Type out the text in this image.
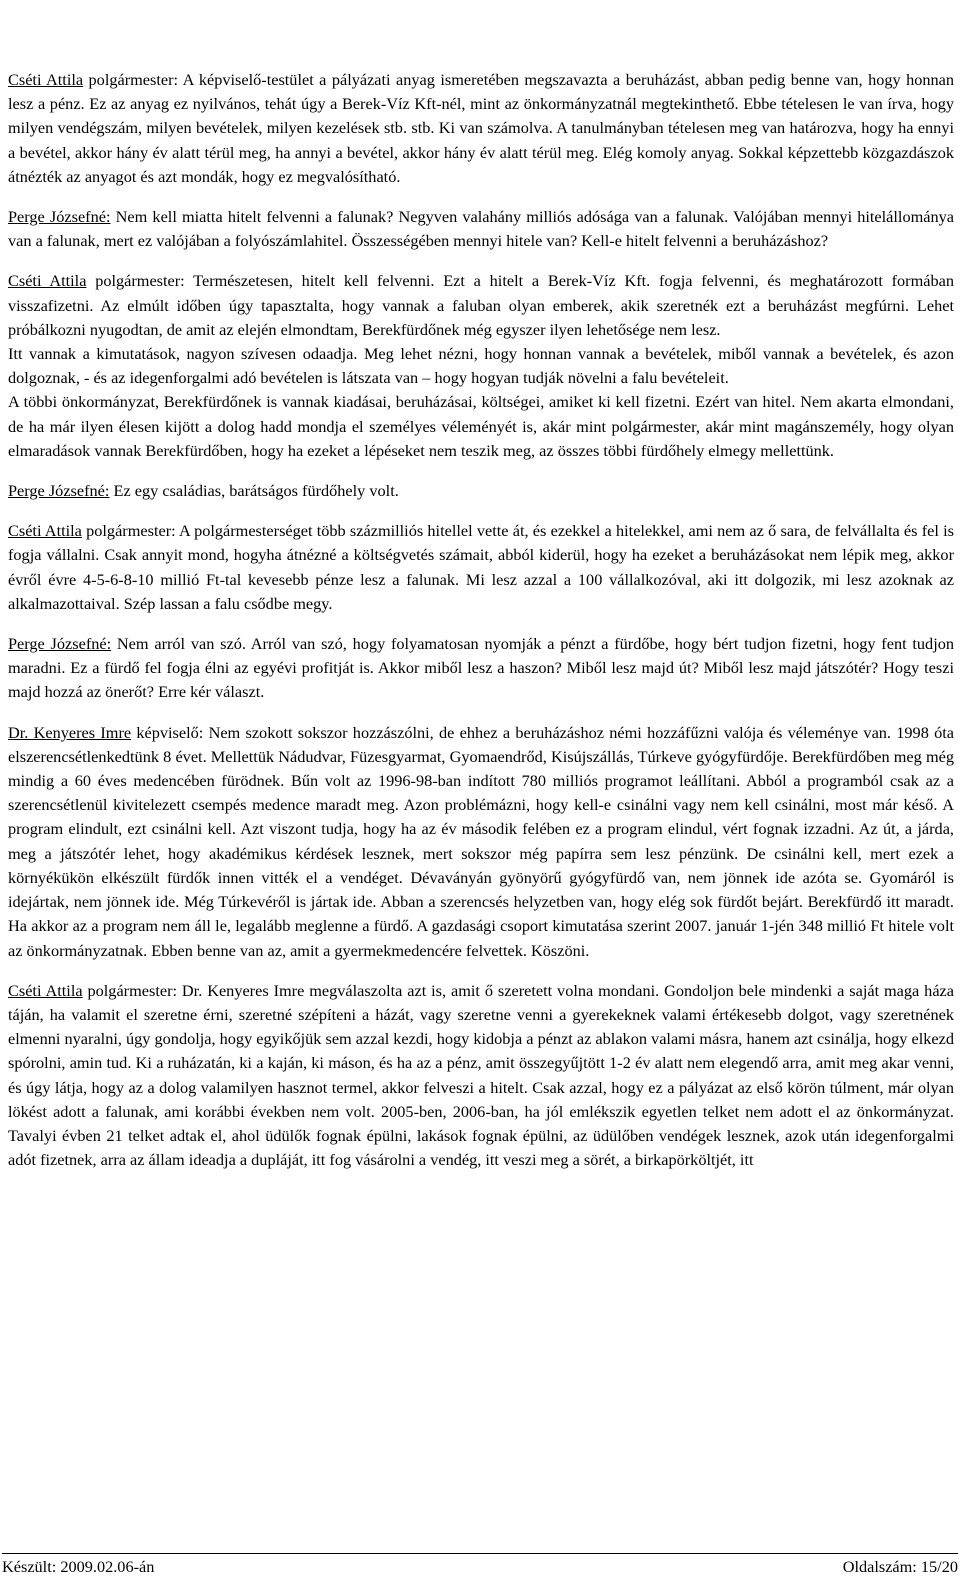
Cséti Attila polgármester: A képviselő-testület a pályázati anyag ismeretében megszavazta a beruházást, abban pedig benne van, hogy honnan lesz a pénz. Ez az anyag ez nyilvános, tehát úgy a Berek-Víz Kft-nél, mint az önkormányzatnál megtekinthető. Ebbe tételesen le van írva, hogy milyen vendégszám, milyen bevételek, milyen kezelések stb. stb. Ki van számolva. A tanulmányban tételesen meg van határozva, hogy ha ennyi a bevétel, akkor hány év alatt térül meg, ha annyi a bevétel, akkor hány év alatt térül meg. Elég komoly anyag. Sokkal képzettebb közgazdászok átnézték az anyagot és azt mondák, hogy ez megvalósítható.

Perge Józsefné: Nem kell miatta hitelt felvenni a falunak? Negyven valahány milliós adósága van a falunak. Valójában mennyi hitelállománya van a falunak, mert ez valójában a folyószámlahitel. Összességében mennyi hitele van? Kell-e hitelt felvenni a beruházáshoz?

Cséti Attila polgármester: Természetesen, hitelt kell felvenni. Ezt a hitelt a Berek-Víz Kft. fogja felvenni, és meghatározott formában visszafizetni. Az elmúlt időben úgy tapasztalta, hogy vannak a faluban olyan emberek, akik szeretnék ezt a beruházást megfúrni. Lehet próbálkozni nyugodtan, de amit az elején elmondtam, Berekfürdőnek még egyszer ilyen lehetősége nem lesz.

Itt vannak a kimutatások, nagyon szívesen odaadja. Meg lehet nézni, hogy honnan vannak a bevételek, miből vannak a bevételek, és azon dolgoznak, - és az idegenforgalmi adó bevételen is látszata van – hogy hogyan tudják növelni a falu bevételeit.

A többi önkormányzat, Berekfürdőnek is vannak kiadásai, beruházásai, költségei, amiket ki kell fizetni. Ezért van hitel. Nem akarta elmondani, de ha már ilyen élesen kijött a dolog hadd mondja el személyes véleményét is, akár mint polgármester, akár mint magánszemély, hogy olyan elmaradások vannak Berekfürdőben, hogy ha ezeket a lépéseket nem teszik meg, az összes többi fürdőhely elmegy mellettünk.

Perge Józsefné: Ez egy családias, barátságos fürdőhely volt.

Cséti Attila polgármester: A polgármesterséget több százmilliós hitellel vette át, és ezekkel a hitelekkel, ami nem az ő sara, de felvállalta és fel is fogja vállalni. Csak annyit mond, hogyha átnézné a költségvetés számait, abból kiderül, hogy ha ezeket a beruházásokat nem lépik meg, akkor évről évre 4-5-6-8-10 millió Ft-tal kevesebb pénze lesz a falunak. Mi lesz azzal a 100 vállalkozóval, aki itt dolgozik, mi lesz azoknak az alkalmazottaival. Szép lassan a falu csődbe megy.

Perge Józsefné: Nem arról van szó. Arról van szó, hogy folyamatosan nyomják a pénzt a fürdőbe, hogy bért tudjon fizetni, hogy fent tudjon maradni. Ez a fürdő fel fogja élni az egyévi profitját is. Akkor miből lesz a haszon? Miből lesz majd út? Miből lesz majd játszótér? Hogy teszi majd hozzá az önerőt? Erre kér választ.

Dr. Kenyeres Imre képviselő: Nem szokott sokszor hozzászólni, de ehhez a beruházáshoz némi hozzáfűzni valója és véleménye van. 1998 óta elszerencsétlenkedtünk 8 évet. Mellettük Nádudvar, Füzesgyarmat, Gyomaendrőd, Kisújszállás, Túrkeve gyógyfürdője. Berekfürdőben meg még mindig a 60 éves medencében fürödnek. Bűn volt az 1996-98-ban indított 780 milliós programot leállítani. Abból a programból csak az a szerencsétlenül kivitelezett csempés medence maradt meg. Azon problémázni, hogy kell-e csinálni vagy nem kell csinálni, most már késő. A program elindult, ezt csinálni kell. Azt viszont tudja, hogy ha az év második felében ez a program elindul, vért fognak izzadni. Az út, a járda, meg a játszótér lehet, hogy akadémikus kérdések lesznek, mert sokszor még papírra sem lesz pénzünk. De csinálni kell, mert ezek a környékükön elkészült fürdők innen vitték el a vendéget. Dévaványán gyönyörű gyógyfürdő van, nem jönnek ide azóta se. Gyomáról is idejártak, nem jönnek ide. Még Túrkevéről is jártak ide. Abban a szerencsés helyzetben van, hogy elég sok fürdőt bejárt. Berekfürdő itt maradt. Ha akkor az a program nem áll le, legalább meglenne a fürdő. A gazdasági csoport kimutatása szerint 2007. január 1-jén 348 millió Ft hitele volt az önkormányzatnak. Ebben benne van az, amit a gyermekmedencére felvettek. Köszöni.

Cséti Attila polgármester: Dr. Kenyeres Imre megválaszolta azt is, amit ő szeretett volna mondani. Gondoljon bele mindenki a saját maga háza táján, ha valamit el szeretne érni, szeretné szépíteni a házát, vagy szeretne venni a gyerekeknek valami értékesebb dolgot, vagy szeretnének elmenni nyaralni, úgy gondolja, hogy egyikőjük sem azzal kezdi, hogy kidobja a pénzt az ablakon valami másra, hanem azt csinálja, hogy elkezd spórolni, amin tud. Ki a ruházatán, ki a kaján, ki máson, és ha az a pénz, amit összegyűjtött 1-2 év alatt nem elegendő arra, amit meg akar venni, és úgy látja, hogy az a dolog valamilyen hasznot termel, akkor felveszi a hitelt. Csak azzal, hogy ez a pályázat az első körön túlment, már olyan lökést adott a falunak, ami korábbi években nem volt. 2005-ben, 2006-ban, ha jól emlékszik egyetlen telket nem adott el az önkormányzat. Tavalyi évben 21 telket adtak el, ahol üdülők fognak épülni, lakások fognak épülni, az üdülőben vendégek lesznek, azok után idegenforgalmi adót fizetnek, arra az állam ideadja a dupláját, itt fog vásárolni a vendég, itt veszi meg a sörét, a birkapörköltjét, itt

Készült: 2009.02.06-án	Oldalszám: 15/20
